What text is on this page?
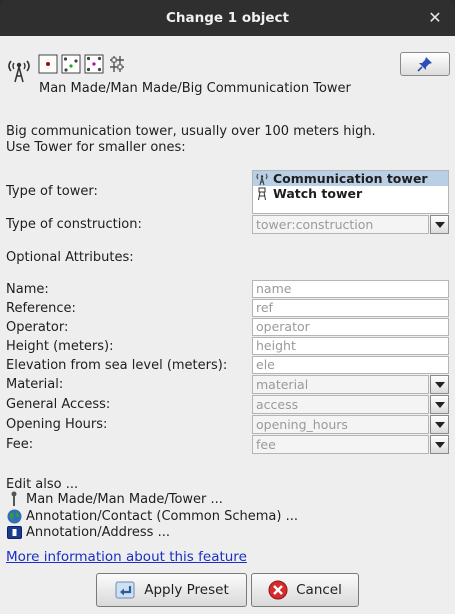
Change 1 object	✕
Man Made/Man Made/Big Communication Tower
Big communication tower, usually over 100 meters high.
Use Tower for smaller ones:
Type of tower:
Communication tower
Watch tower
Type of construction:	tower:construction
Optional Attributes:
Name:	name
Reference:	ref
Operator:	operator
Height (meters):	height
Elevation from sea level (meters):	ele
Material:	material
General Access:	access
Opening Hours:	opening_hours
Fee:	fee
Edit also ...
Man Made/Man Made/Tower ...
Annotation/Contact (Common Schema) ...
Annotation/Address ...
More information about this feature
Apply Preset	Cancel
